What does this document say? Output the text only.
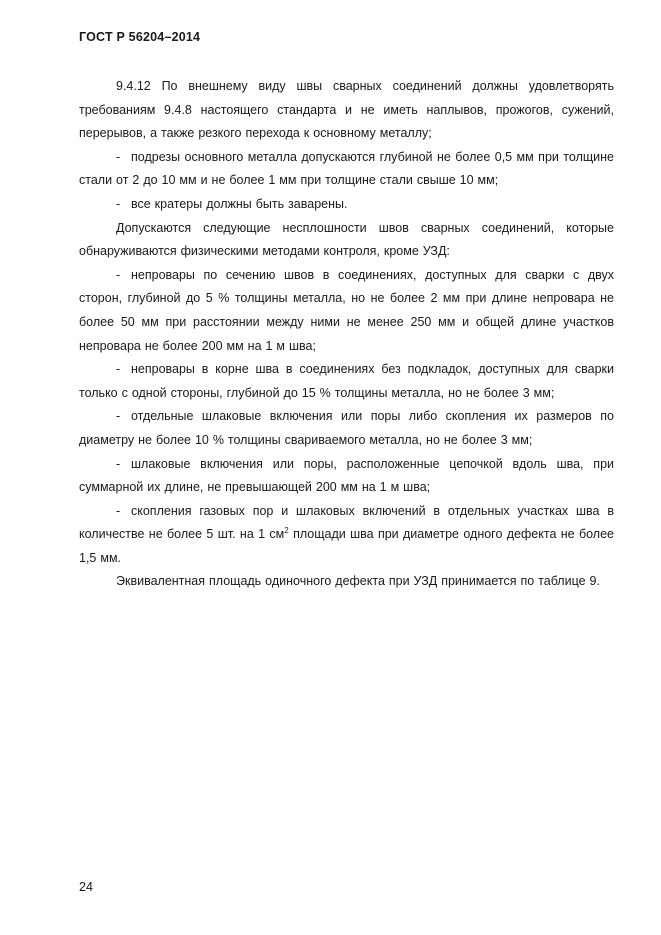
ГОСТ Р 56204–2014

9.4.12 По внешнему виду швы сварных соединений должны удовлетворять требованиям 9.4.8 настоящего стандарта и не иметь наплывов, прожогов, сужений, перерывов, а также резкого перехода к основному металлу;

- подрезы основного металла допускаются глубиной не более 0,5 мм при толщине стали от 2 до 10 мм и не более 1 мм при толщине стали свыше 10 мм;

- все кратеры должны быть заварены.

Допускаются следующие несплошности швов сварных соединений, которые обнаруживаются физическими методами контроля, кроме УЗД:

- непровары по сечению швов в соединениях, доступных для сварки с двух сторон, глубиной до 5 % толщины металла, но не более 2 мм при длине непровара не более 50 мм при расстоянии между ними не менее 250 мм и общей длине участков непровара не более 200 мм на 1 м шва;

- непровары в корне шва в соединениях без подкладок, доступных для сварки только с одной стороны, глубиной до 15 % толщины металла, но не более 3 мм;

- отдельные шлаковые включения или поры либо скопления их размеров по диаметру не более 10 % толщины свариваемого металла, но не более 3 мм;

- шлаковые включения или поры, расположенные цепочкой вдоль шва, при суммарной их длине, не превышающей 200 мм на 1 м шва;

- скопления газовых пор и шлаковых включений в отдельных участках шва в количестве не более 5 шт. на 1 $см^2$ площади шва при диаметре одного дефекта не более 1,5 мм.

Эквивалентная площадь одиночного дефекта при УЗД принимается по таблице 9.

24
